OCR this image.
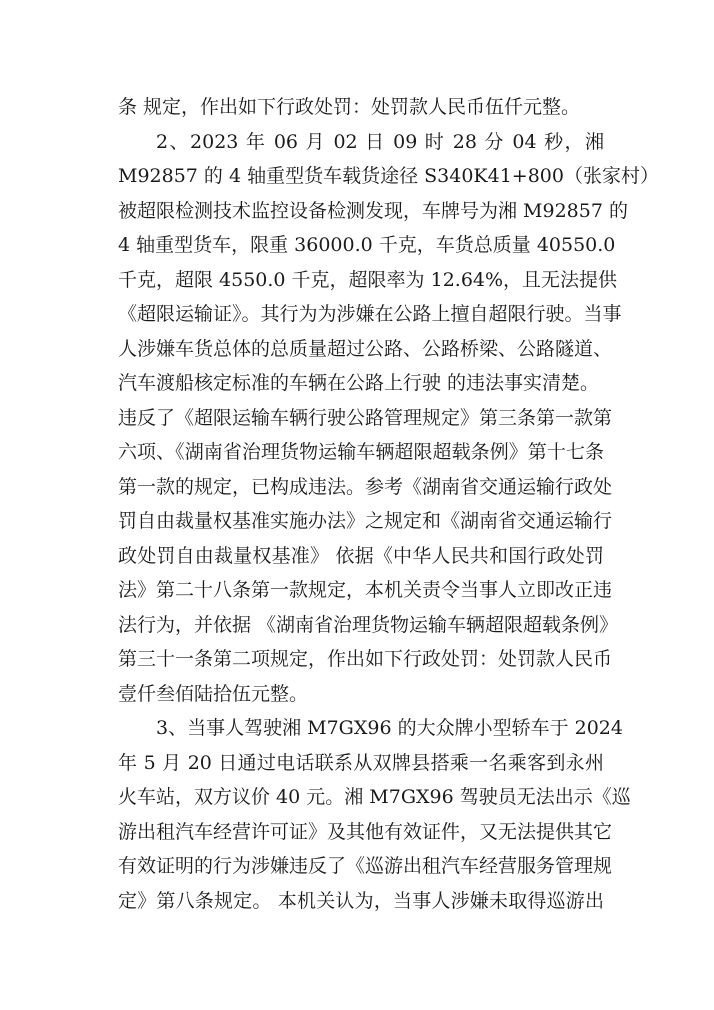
条 规定，作出如下行政处罚：处罚款人民币伍仟元整。
2、2023 年 06 月 02 日 09 时 28 分 04 秒，湘
M92857 的 4 轴重型货车载货途径 S340K41+800（张家村）
被超限检测技术监控设备检测发现，车牌号为湘 M92857 的
4 轴重型货车，限重 36000.0 千克，车货总质量 40550.0
千克，超限 4550.0 千克，超限率为 12.64%，且无法提供
《超限运输证》。其行为为涉嫌在公路上擅自超限行驶。当事
人涉嫌车货总体的总质量超过公路、公路桥梁、公路隧道、
汽车渡船核定标准的车辆在公路上行驶 的违法事实清楚。
违反了《超限运输车辆行驶公路管理规定》第三条第一款第
六项、《湖南省治理货物运输车辆超限超载条例》第十七条
第一款的规定，已构成违法。参考《湖南省交通运输行政处
罚自由裁量权基准实施办法》之规定和《湖南省交通运输行
政处罚自由裁量权基准》 依据《中华人民共和国行政处罚
法》第二十八条第一款规定，本机关责令当事人立即改正违
法行为，并依据 《湖南省治理货物运输车辆超限超载条例》
第三十一条第二项规定，作出如下行政处罚：处罚款人民币
壹仟叁佰陆拾伍元整。
3、当事人驾驶湘 M7GX96 的大众牌小型轿车于 2024
年 5 月 20 日通过电话联系从双牌县搭乘一名乘客到永州
火车站，双方议价 40 元。湘 M7GX96 驾驶员无法出示《巡
游出租汽车经营许可证》及其他有效证件，又无法提供其它
有效证明的行为涉嫌违反了《巡游出租汽车经营服务管理规
定》第八条规定。 本机关认为，当事人涉嫌未取得巡游出
